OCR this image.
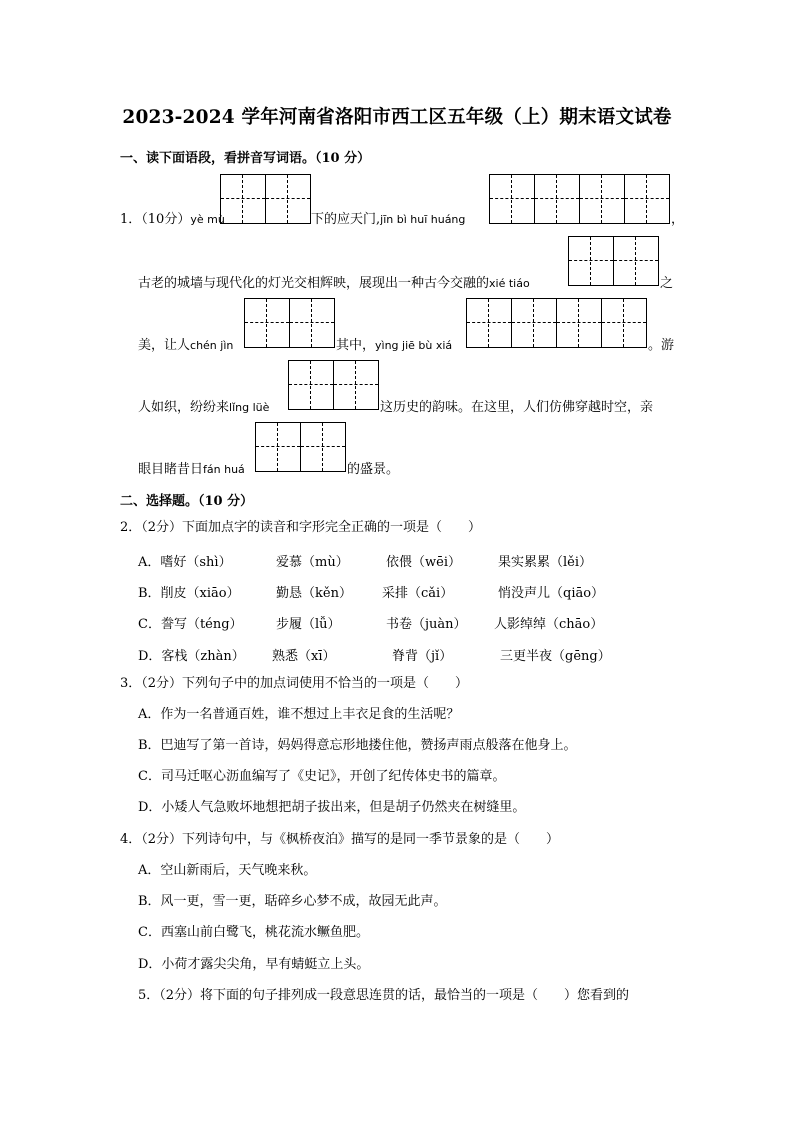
2023-2024 学年河南省洛阳市西工区五年级（上）期末语文试卷
一、读下面语段，看拼音写词语。（10 分）
1．（10分）yè mù	下的应天门,jīn bì huī huáng	，
古老的城墙与现代化的灯光交相辉映，展现出一种古今交融的xié tiáo	之
美，让人chén jìn	其中，yìng jiē bù xiá	。游
人如织，纷纷来lǐng lüè	这历史的韵味。在这里，人们仿佛穿越时空，亲
眼目睹昔日fán huá	的盛景。
二、选择题。（10 分）
2．（2分）下面加点字的读音和字形完全正确的一项是（　　）
A．嗜好（shì）	爱慕（mù）	依偎（wēi）	果实累累（lěi）
B．削皮（xiāo）	勤恳（kěn） 采排（cǎi）	悄没声儿（qiāo）
C．誊写（téng）	步履（lǚ）	书卷（juàn） 人影绰绰（chāo）
D．客栈（zhàn） 熟悉（xī）	脊背（jǐ）	三更半夜（gēng）
3．（2分）下列句子中的加点词使用不恰当的一项是（　　）
A．作为一名普通百姓，谁不想过上丰衣足食的生活呢？
B．巴迪写了第一首诗，妈妈得意忘形地搂住他，赞扬声雨点般落在他身上。
C．司马迁呕心沥血编写了《史记》，开创了纪传体史书的篇章。
D．小矮人气急败坏地想把胡子拔出来，但是胡子仍然夹在树缝里。
4．（2分）下列诗句中，与《枫桥夜泊》描写的是同一季节景象的是（　　）
A．空山新雨后，天气晚来秋。
B．风一更，雪一更，聒碎乡心梦不成，故园无此声。
C．西塞山前白鹭飞，桃花流水鳜鱼肥。
D．小荷才露尖尖角，早有蜻蜓立上头。
5．（2分）将下面的句子排列成一段意思连贯的话，最恰当的一项是（　　）您看到的
